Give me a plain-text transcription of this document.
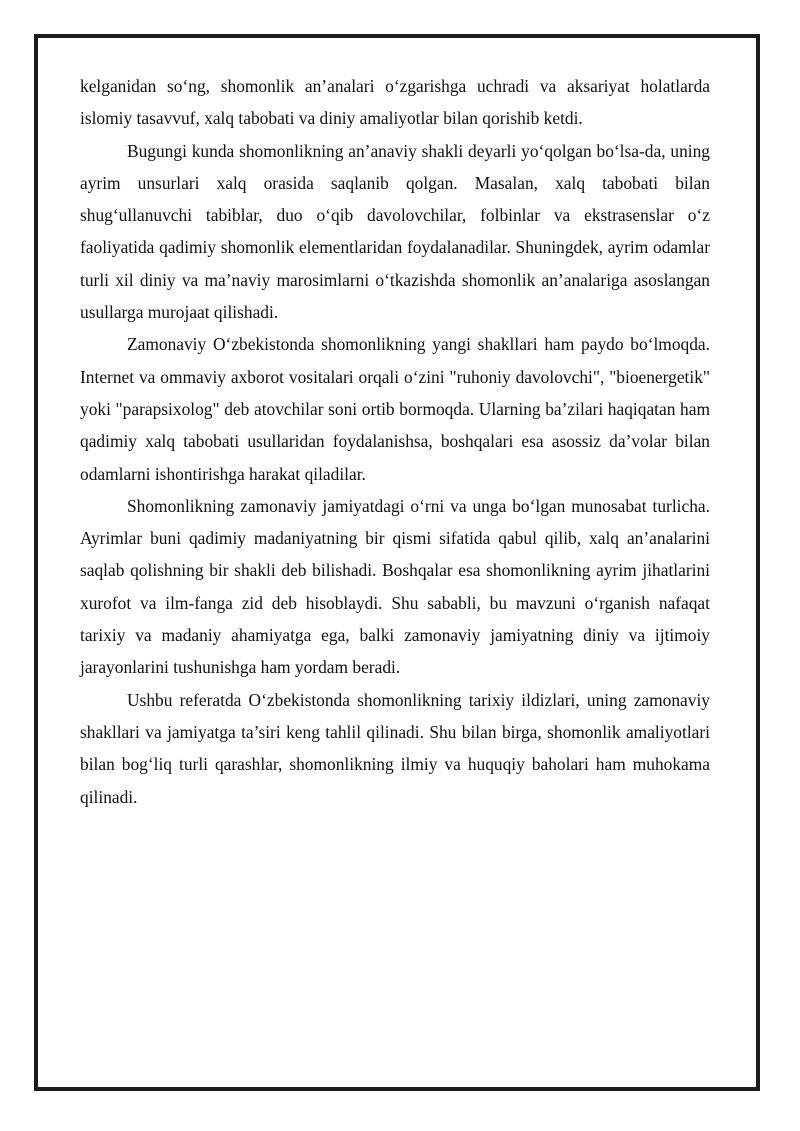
kelganidan so‘ng, shomonlik an’analari o‘zgarishga uchradi va aksariyat holatlarda islomiy tasavvuf, xalq tabobati va diniy amaliyotlar bilan qorishib ketdi.

Bugungi kunda shomonlikning an’anaviy shakli deyarli yo‘qolgan bo‘lsa-da, uning ayrim unsurlari xalq orasida saqlanib qolgan. Masalan, xalq tabobati bilan shug‘ullanuvchi tabiblar, duo o‘qib davolovchilar, folbinlar va ekstrasenslar o‘z faoliyatida qadimiy shomonlik elementlaridan foydalanadilar. Shuningdek, ayrim odamlar turli xil diniy va ma’naviy marosimlarni o‘tkazishda shomonlik an’analariga asoslangan usullarga murojaat qilishadi.

Zamonaviy O‘zbekistonda shomonlikning yangi shakllari ham paydo bo‘lmoqda. Internet va ommaviy axborot vositalari orqali o‘zini "ruhoniy davolovchi", "bioenergetik" yoki "parapsixolog" deb atovchilar soni ortib bormoqda. Ularning ba’zilari haqiqatan ham qadimiy xalq tabobati usullaridan foydalanishsa, boshqalari esa asossiz da’volar bilan odamlarni ishontirishga harakat qiladilar.

Shomonlikning zamonaviy jamiyatdagi o‘rni va unga bo‘lgan munosabat turlicha. Ayrimlar buni qadimiy madaniyatning bir qismi sifatida qabul qilib, xalq an’analarini saqlab qolishning bir shakli deb bilishadi. Boshqalar esa shomonlikning ayrim jihatlarini xurofot va ilm-fanga zid deb hisoblaydi. Shu sababli, bu mavzuni o‘rganish nafaqat tarixiy va madaniy ahamiyatga ega, balki zamonaviy jamiyatning diniy va ijtimoiy jarayonlarini tushunishga ham yordam beradi.

Ushbu referatda O‘zbekistonda shomonlikning tarixiy ildizlari, uning zamonaviy shakllari va jamiyatga ta’siri keng tahlil qilinadi. Shu bilan birga, shomonlik amaliyotlari bilan bog‘liq turli qarashlar, shomonlikning ilmiy va huquqiy baholari ham muhokama qilinadi.
